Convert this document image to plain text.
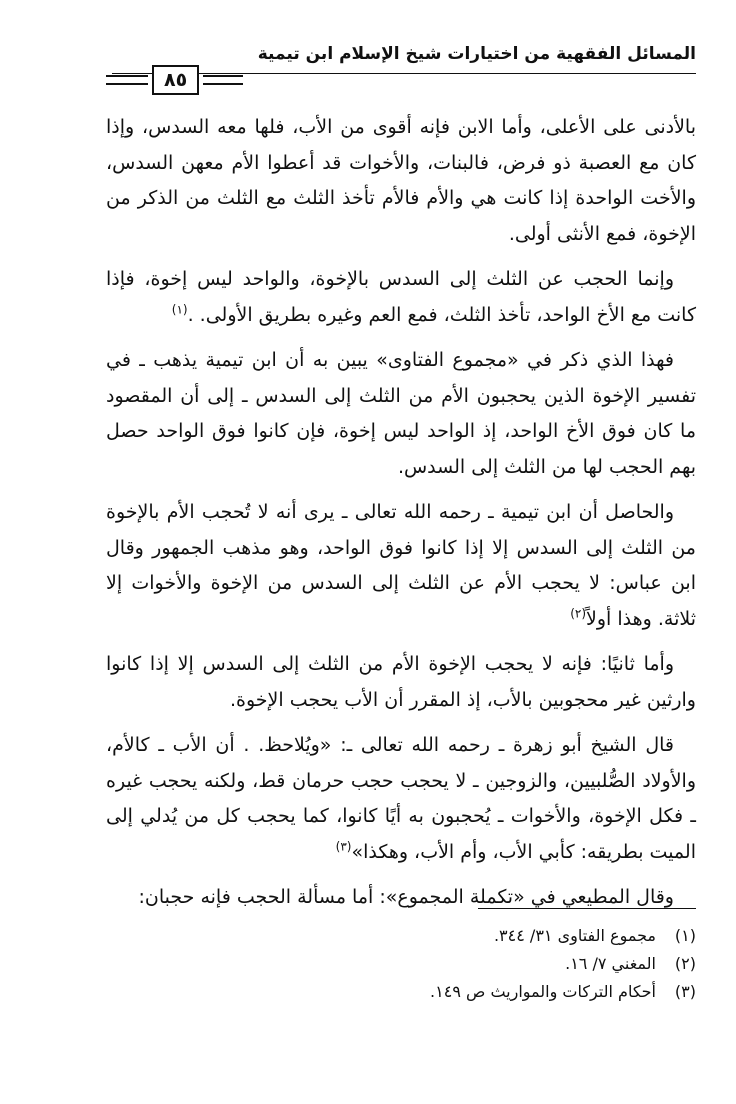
المسائل الفقهية من اختيارات شيخ الإسلام ابن تيمية
٨٥

بالأدنى على الأعلى، وأما الابن فإنه أقوى من الأب، فلها معه السدس، وإذا كان مع العصبة ذو فرض، فالبنات، والأخوات قد أعطوا الأم معهن السدس، والأخت الواحدة إذا كانت هي والأم فالأم تأخذ الثلث مع الثلث من الذكر من الإخوة، فمع الأنثى أولى.

وإنما الحجب عن الثلث إلى السدس بالإخوة، والواحد ليس إخوة، فإذا كانت مع الأخ الواحد، تأخذ الثلث، فمع العم وغيره بطريق الأولى. .$^{(١)}$

فهذا الذي ذكر في «مجموع الفتاوى» يبين به أن ابن تيمية يذهب ـ في تفسير الإخوة الذين يحجبون الأم من الثلث إلى السدس ـ إلى أن المقصود ما كان فوق الأخ الواحد، إذ الواحد ليس إخوة، فإن كانوا فوق الواحد حصل بهم الحجب لها من الثلث إلى السدس.

والحاصل أن ابن تيمية ـ رحمه الله تعالى ـ يرى أنه لا تُحجب الأم بالإخوة من الثلث إلى السدس إلا إذا كانوا فوق الواحد، وهو مذهب الجمهور وقال ابن عباس: لا يحجب الأم عن الثلث إلى السدس من الإخوة والأخوات إلا ثلاثة. وهذا أولاً$^{(٢)}$

وأما ثانيًا: فإنه لا يحجب الإخوة الأم من الثلث إلى السدس إلا إذا كانوا وارثين غير محجوبين بالأب، إذ المقرر أن الأب يحجب الإخوة.

قال الشيخ أبو زهرة ـ رحمه الله تعالى ـ: «ويُلاحظ. . أن الأب ـ كالأم، والأولاد الصُّلبيين، والزوجين ـ لا يحجب حجب حرمان قط، ولكنه يحجب غيره ـ فكل الإخوة، والأخوات ـ يُحجبون به أيًا كانوا، كما يحجب كل من يُدلي إلى الميت بطريقه: كأبي الأب، وأم الأب، وهكذا»$^{(٣)}$

وقال المطيعي في «تكملة المجموع»: أما مسألة الحجب فإنه حجبان:

(١)
مجموع الفتاوى ٣١/ ٣٤٤.
(٢)
المغني ٧/ ١٦.
(٣)
أحكام التركات والمواريث ص ١٤٩.
